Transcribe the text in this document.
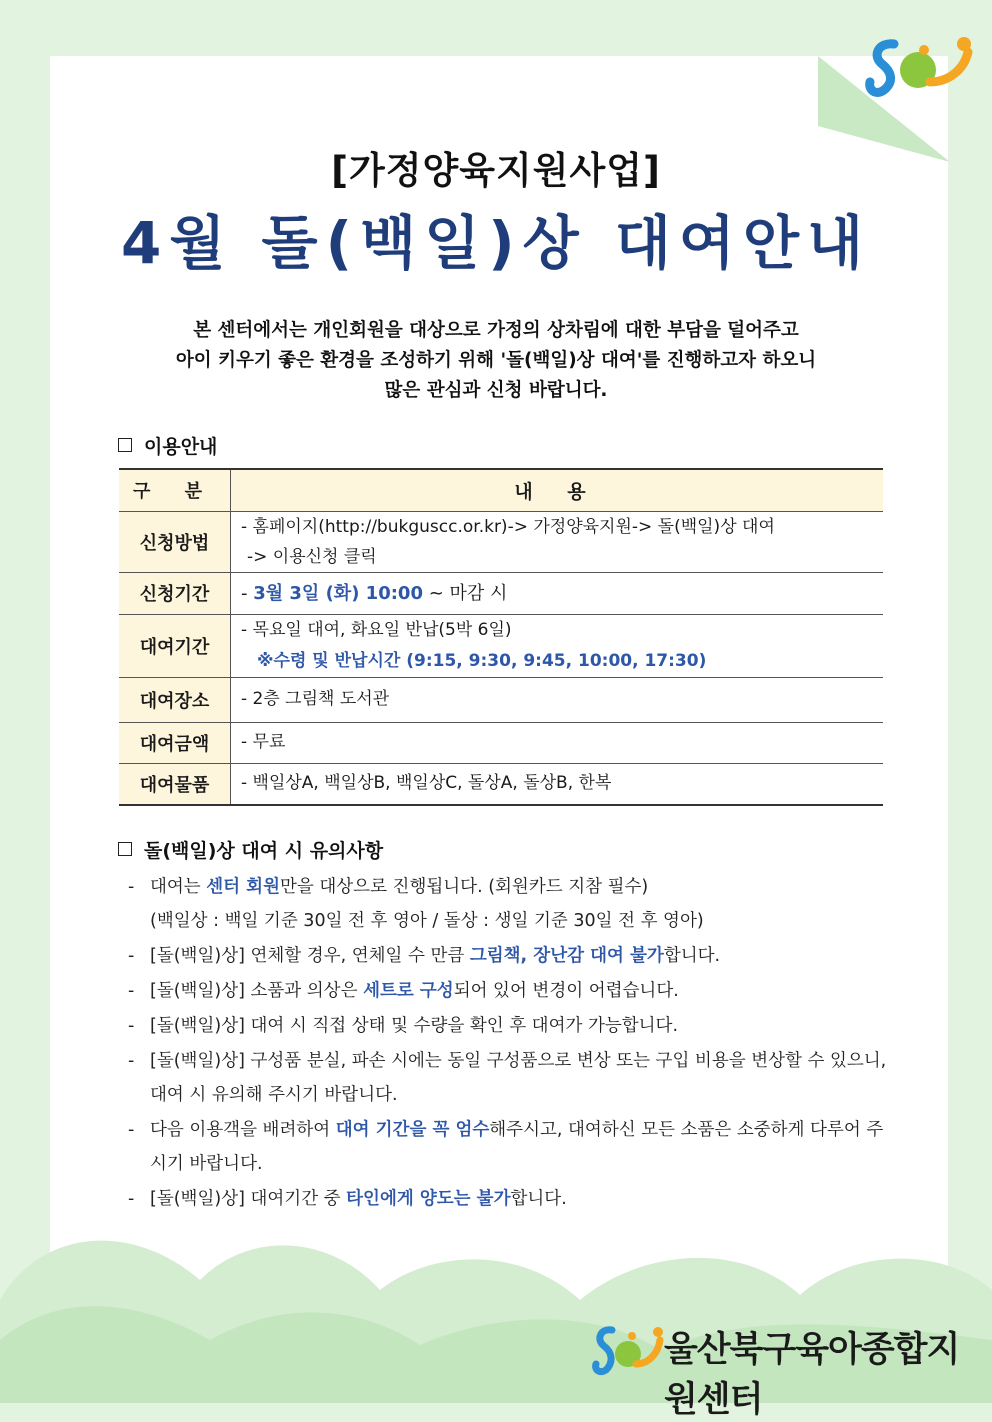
[가정양육지원사업]
4월 돌(백일)상 대여안내
본 센터에서는 개인회원을 대상으로 가정의 상차림에 대한 부담을 덜어주고
아이 키우기 좋은 환경을 조성하기 위해 '돌(백일)상 대여'를 진행하고자 하오니
많은 관심과 신청 바랍니다.
이용안내
구 분	내 용
신청방법	- 홈페이지(http://bukguscc.or.kr)-> 가정양육지원-> 돌(백일)상 대여
-> 이용신청 클릭

신청기간	- 3월 3일 (화) 10:00 ~ 마감 시
대여기간	- 목요일 대여, 화요일 반납(5박 6일)
※수령 및 반납시간 (9:15, 9:30, 9:45, 10:00, 17:30)

대여장소	- 2층 그림책 도서관
대여금액	- 무료
대여물품	- 백일상A, 백일상B, 백일상C, 돌상A, 돌상B, 한복
돌(백일)상 대여 시 유의사항
- 대여는 센터 회원만을 대상으로 진행됩니다. (회원카드 지참 필수)
(백일상 : 백일 기준 30일 전 후 영아 / 돌상 : 생일 기준 30일 전 후 영아)
- [돌(백일)상] 연체할 경우, 연체일 수 만큼 그림책, 장난감 대여 불가합니다.
- [돌(백일)상] 소품과 의상은 세트로 구성되어 있어 변경이 어렵습니다.
- [돌(백일)상] 대여 시 직접 상태 및 수량을 확인 후 대여가 가능합니다.
- [돌(백일)상] 구성품 분실, 파손 시에는 동일 구성품으로 변상 또는 구입 비용을 변상할 수 있으니, 대여 시 유의해 주시기 바랍니다.
- 다음 이용객을 배려하여 대여 기간을 꼭 엄수해주시고, 대여하신 모든 소품은 소중하게 다루어 주시기 바랍니다.
- [돌(백일)상] 대여기간 중 타인에게 양도는 불가합니다.
울산북구육아종합지원센터
